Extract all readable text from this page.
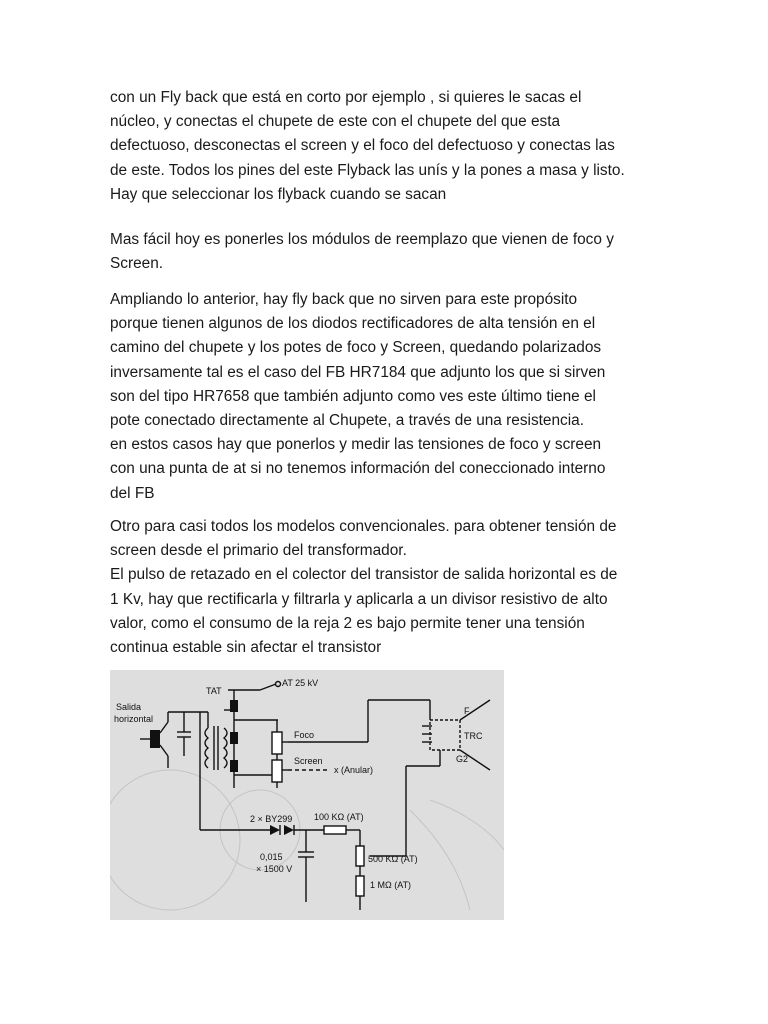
con un Fly back que está en corto por ejemplo , si quieres le sacas el
núcleo, y conectas el chupete de este con el chupete del que esta
defectuoso, desconectas el screen y el foco del defectuoso y conectas las
de este. Todos los pines del este Flyback las unís y la pones a masa y listo.
Hay que seleccionar los flyback cuando se sacan

Mas fácil hoy es ponerles los módulos de reemplazo que vienen de foco y
Screen.

Ampliando lo anterior, hay fly back que no sirven para este propósito
porque tienen algunos de los diodos rectificadores de alta tensión en el
camino del chupete y los potes de foco y Screen, quedando polarizados
inversamente tal es el caso del FB HR7184 que adjunto los que si sirven
son del tipo HR7658 que también adjunto como ves este último tiene el
pote conectado directamente al Chupete, a través de una resistencia.
en estos casos hay que ponerlos y medir las tensiones de foco y screen
con una punta de at si no tenemos información del coneccionado interno
del FB

Otro para casi todos los modelos convencionales. para obtener tensión de
screen desde el primario del transformador.
El pulso de retazado en el colector del transistor de salida horizontal es de
1 Kv, hay que rectificarla y filtrarla y aplicarla a un divisor resistivo de alto
valor, como el consumo de la reja 2 es bajo permite tener una tensión
continua estable sin afectar el transistor

TAT
AT 25 kV
Salida
horizontal
Foco
Screen
x (Anular)
F
TRC
G2
2 × BY299 100 KΩ (AT)
0,015
× 1500 V
500 KΩ (AT)
1 MΩ (AT)
